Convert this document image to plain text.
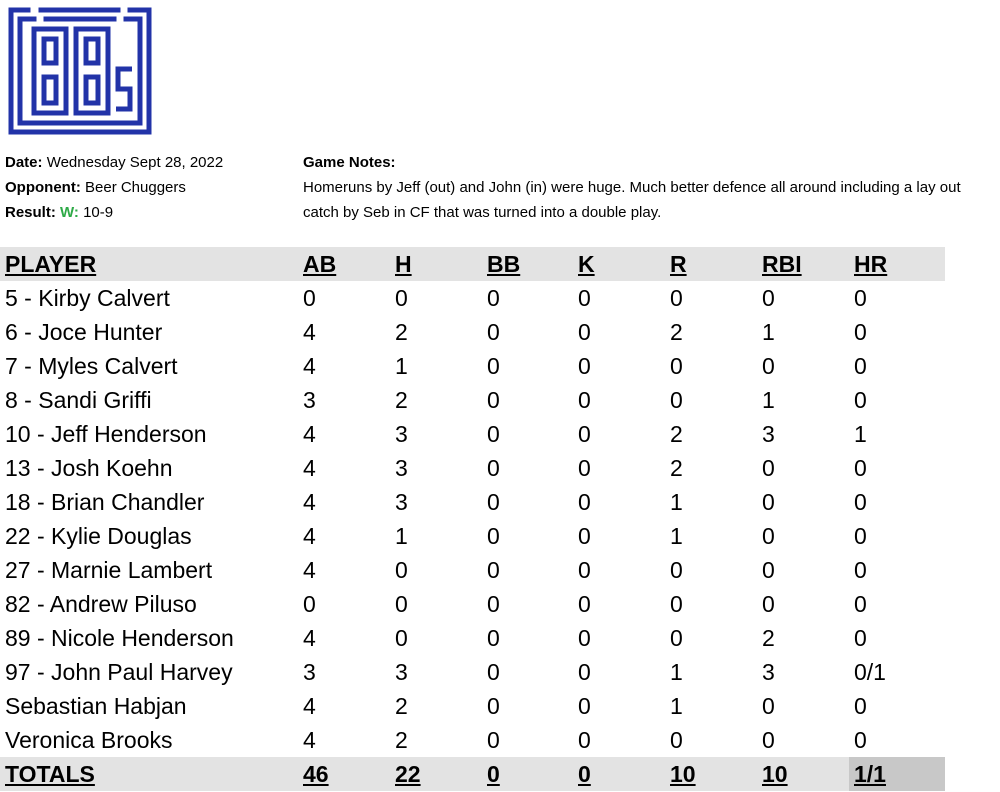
Date: Wednesday Sept 28, 2022
Opponent: Beer Chuggers
Result: W: 10-9
Game Notes:
Homeruns by Jeff (out) and John (in) were huge. Much better defence all around including a lay out catch by Seb in CF that was turned into a double play.
PLAYER	AB	H	BB	K	R	RBI	HR
5 - Kirby Calvert	0	0	0	0	0	0	0
6 - Joce Hunter	4	2	0	0	2	1	0
7 - Myles Calvert	4	1	0	0	0	0	0
8 - Sandi Griffi	3	2	0	0	0	1	0
10 - Jeff Henderson	4	3	0	0	2	3	1
13 - Josh Koehn	4	3	0	0	2	0	0
18 - Brian Chandler	4	3	0	0	1	0	0
22 - Kylie Douglas	4	1	0	0	1	0	0
27 - Marnie Lambert	4	0	0	0	0	0	0
82 - Andrew Piluso	0	0	0	0	0	0	0
89 - Nicole Henderson	4	0	0	0	0	2	0
97 - John Paul Harvey	3	3	0	0	1	3	0/1
Sebastian Habjan	4	2	0	0	1	0	0
Veronica Brooks	4	2	0	0	0	0	0
TOTALS	46	22	0	0	10	10	1/1
